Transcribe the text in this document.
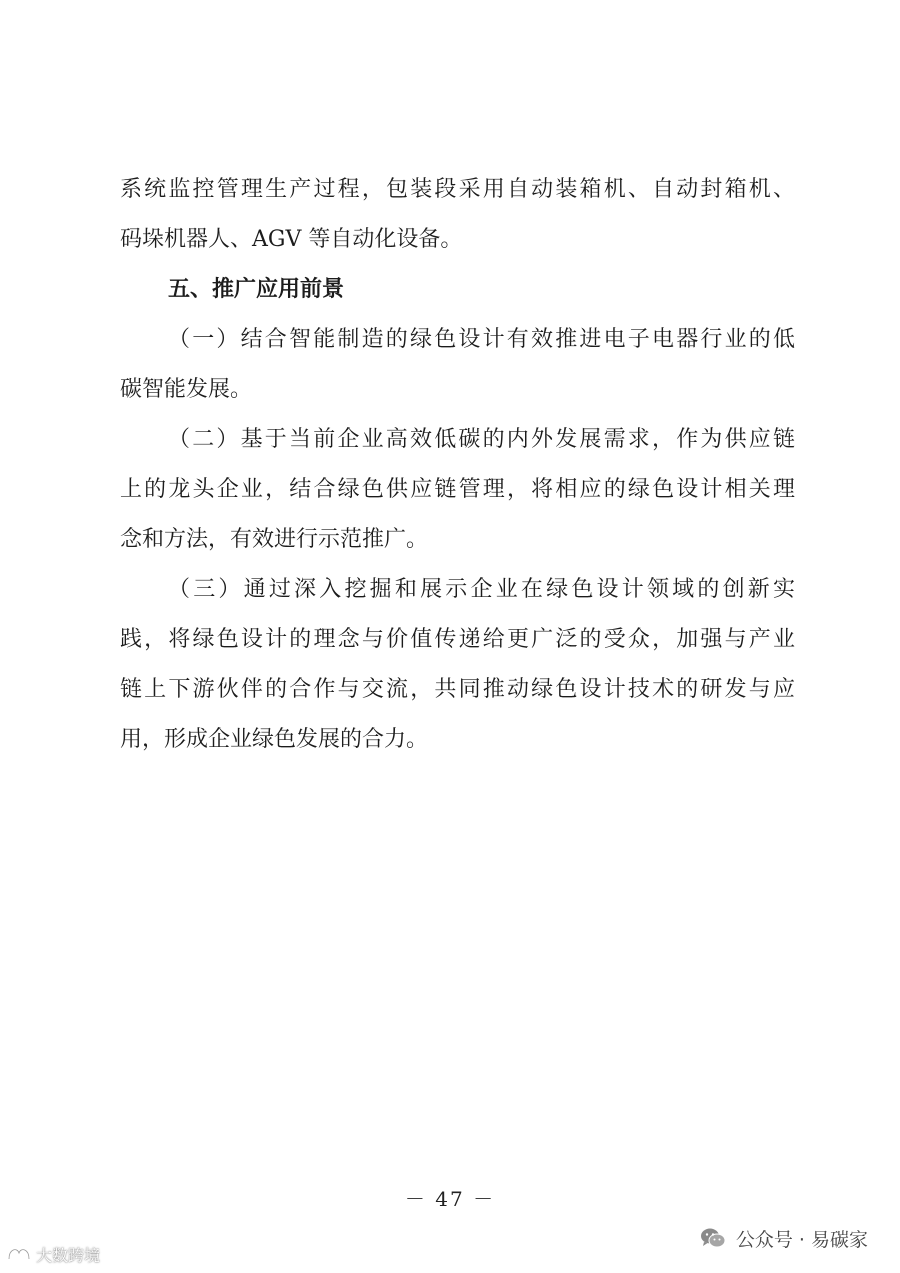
系统监控管理生产过程，包装段采用自动装箱机、自动封箱机、
码垛机器人、AGV 等自动化设备。
五、推广应用前景
（一）结合智能制造的绿色设计有效推进电子电器行业的低
碳智能发展。
（二）基于当前企业高效低碳的内外发展需求，作为供应链
上的龙头企业，结合绿色供应链管理，将相应的绿色设计相关理
念和方法，有效进行示范推广。
（三）通过深入挖掘和展示企业在绿色设计领域的创新实
践，将绿色设计的理念与价值传递给更广泛的受众，加强与产业
链上下游伙伴的合作与交流，共同推动绿色设计技术的研发与应
用，形成企业绿色发展的合力。
－ 47 －
公众号 · 易碳家
大数跨境
